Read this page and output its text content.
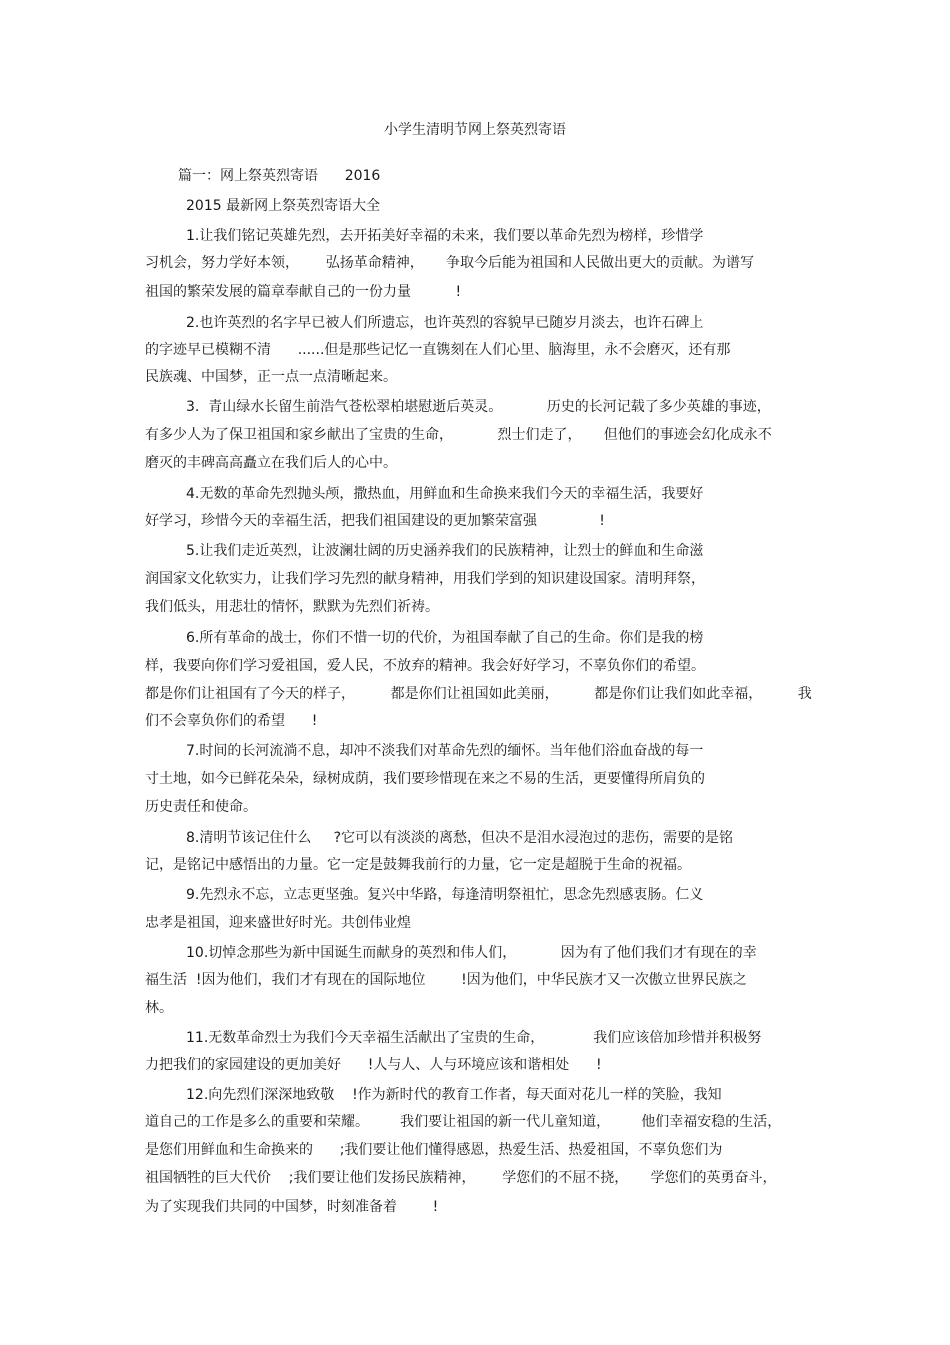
小学生清明节网上祭英烈寄语
篇一：网上祭英烈寄语      2016
2015 最新网上祭英烈寄语大全
1.让我们铭记英雄先烈，去开拓美好幸福的未来，我们要以革命先烈为榜样，珍惜学
习机会，努力学好本领，      弘扬革命精神，     争取今后能为祖国和人民做出更大的贡献。为谱写
祖国的繁荣发展的篇章奉献自己的一份力量          !
2.也许英烈的名字早已被人们所遗忘，也许英烈的容貌早已随岁月淡去，也许石碑上
的字迹早已模糊不清      ......但是那些记忆一直镌刻在人们心里、脑海里，永不会磨灭，还有那
民族魂、中国梦，正一点一点清晰起来。
3.  青山绿水长留生前浩气苍松翠柏堪慰逝后英灵。          历史的长河记载了多少英雄的事迹，
有多少人为了保卫祖国和家乡献出了宝贵的生命，          烈士们走了，     但他们的事迹会幻化成永不
磨灭的丰碑高高矗立在我们后人的心中。
4.无数的革命先烈抛头颅，撒热血，用鲜血和生命换来我们今天的幸福生活，我要好
好学习，珍惜今天的幸福生活，把我们祖国建设的更加繁荣富强              !
5.让我们走近英烈，让波澜壮阔的历史涵养我们的民族精神，让烈士的鲜血和生命滋
润国家文化软实力，让我们学习先烈的献身精神，用我们学到的知识建设国家。清明拜祭，
我们低头，用悲壮的情怀，默默为先烈们祈祷。
6.所有革命的战士，你们不惜一切的代价，为祖国奉献了自己的生命。你们是我的榜
样，我要向你们学习爱祖国，爱人民，不放弃的精神。我会好好学习，不辜负你们的希望。
都是你们让祖国有了今天的样子，        都是你们让祖国如此美丽，        都是你们让我们如此幸福，        我
们不会辜负你们的希望      !
7.时间的长河流淌不息，却冲不淡我们对革命先烈的缅怀。当年他们浴血奋战的每一
寸土地，如今已鲜花朵朵，绿树成荫，我们要珍惜现在来之不易的生活，更要懂得所肩负的
历史责任和使命。
8.清明节该记住什么     ?它可以有淡淡的离愁，但决不是泪水浸泡过的悲伤，需要的是铭
记，是铭记中感悟出的力量。它一定是鼓舞我前行的力量，它一定是超脱于生命的祝福。
9.先烈永不忘，立志更坚強。复兴中华路，每逢清明祭祖忙，思念先烈感衷肠。仁义
忠孝是祖国，迎来盛世好时光。共创伟业煌
10.切悼念那些为新中国诞生而献身的英烈和伟人们，          因为有了他们我们才有现在的幸
福生活  !因为他们，我们才有现在的国际地位        !因为他们，中华民族才又一次傲立世界民族之
林。
11.无数革命烈士为我们今天幸福生活献出了宝贵的生命，           我们应该倍加珍惜并积极努
力把我们的家园建设的更加美好      !人与人、人与环境应该和谐相处      !
12.向先烈们深深地致敬    !作为新时代的教育工作者，每天面对花儿一样的笑脸，我知
道自己的工作是多么的重要和荣耀。       我们要让祖国的新一代儿童知道，       他们幸福安稳的生活，
是您们用鲜血和生命换来的      ;我们要让他们懂得感恩，热爱生活、热爱祖国，不辜负您们为
祖国牺牲的巨大代价    ;我们要让他们发扬民族精神，      学您们的不屈不挠，     学您们的英勇奋斗，
为了实现我们共同的中国梦，时刻准备着        !
